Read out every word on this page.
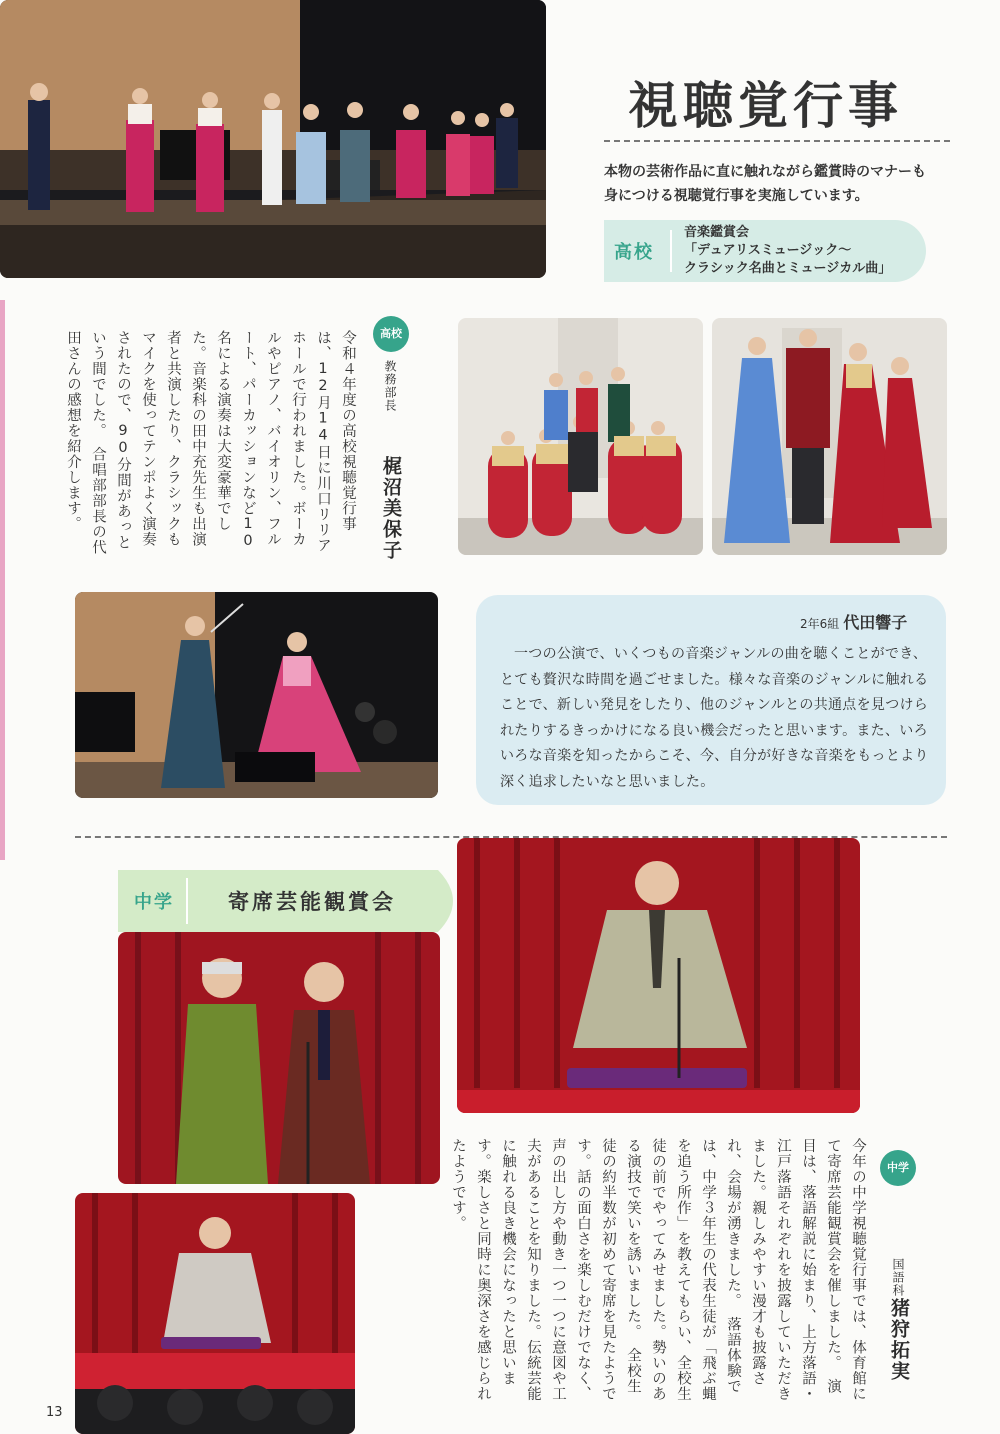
視聴覚行事
本物の芸術作品に直に触れながら鑑賞時のマナーも身につける視聴覚行事を実施しています。
高校
音楽鑑賞会
「デュアリスミュージック～
クラシック名曲とミュージカル曲」
高校
教務部長
梶沼美保子
令和４年度の高校視聴覚行事は、12月14日に川口リリアホールで行われました。ボーカルやピアノ、バイオリン、フルート、パーカッションなど10名による演奏は大変豪華でした。音楽科の田中充先生も出演者と共演したり、クラシックもマイクを使ってテンポよく演奏されたので、90分間があっという間でした。　合唱部部長の代田さんの感想を紹介します。
2年6組 代田響子
一つの公演で、いくつもの音楽ジャンルの曲を聴くことができ、とても贅沢な時間を過ごせました。様々な音楽のジャンルに触れることで、新しい発見をしたり、他のジャンルとの共通点を見つけられたりするきっかけになる良い機会だったと思います。また、いろいろな音楽を知ったからこそ、今、自分が好きな音楽をもっとより深く追求したいなと思いました。
中学	寄席芸能観賞会
中学
国語科
猪狩拓実
今年の中学視聴覚行事では、体育館にて寄席芸能観賞会を催しました。　演目は、落語解説に始まり、上方落語・江戸落語それぞれを披露していただきました。親しみやすい漫才も披露され、会場が湧きました。　落語体験では、中学３年生の代表生徒が「飛ぶ蝿を追う所作」を教えてもらい、全校生徒の前でやってみせました。勢いのある演技で笑いを誘いました。　全校生徒の約半数が初めて寄席を見たようです。話の面白さを楽しむだけでなく、声の出し方や動き一つ一つに意図や工夫があることを知りました。伝統芸能に触れる良き機会になったと思います。楽しさと同時に奥深さを感じられたようです。
13
